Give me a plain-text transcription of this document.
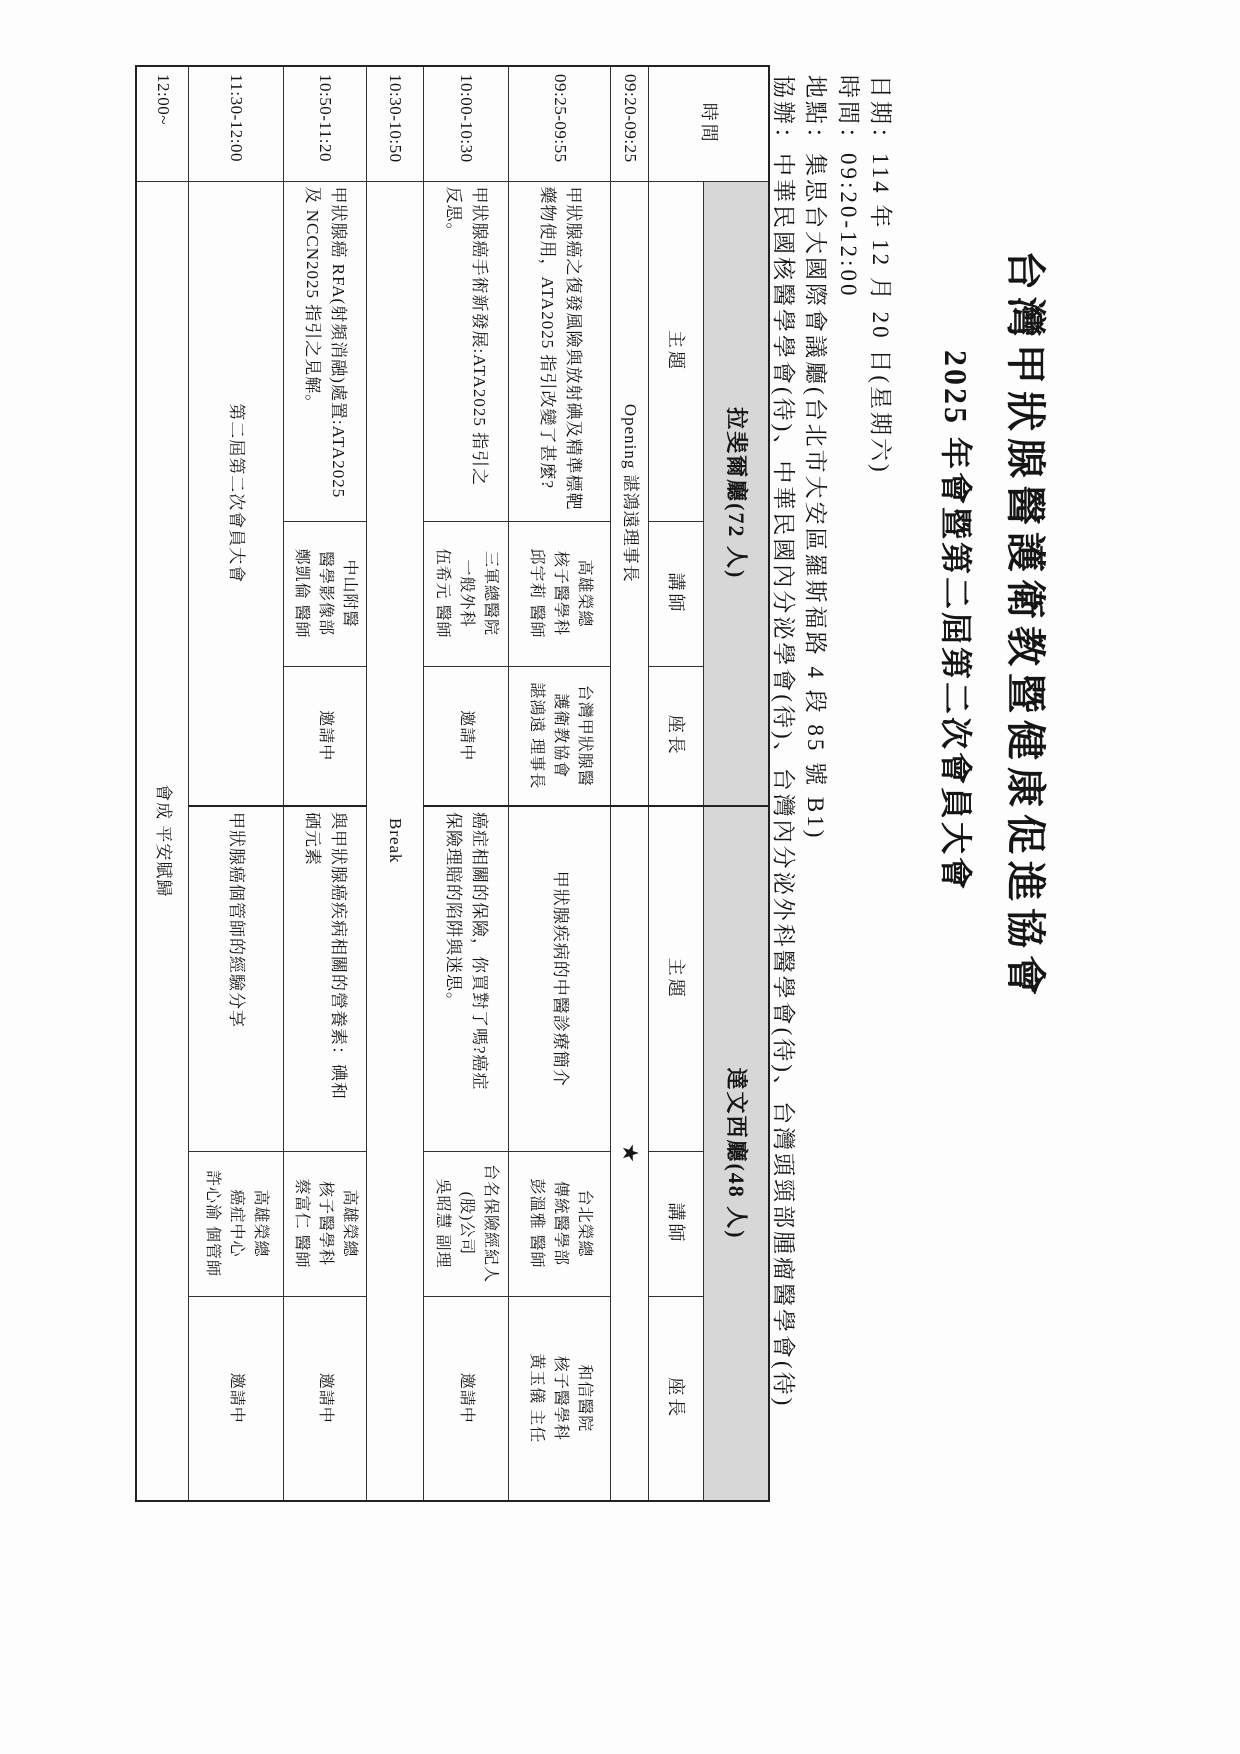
台灣甲狀腺醫護衛教暨健康促進協會
2025 年會暨第二屆第二次會員大會
日期：114 年 12 月 20 日(星期六)
時間：09:20-12:00
地點：集思台大國際會議廳(台北市大安區羅斯福路 4 段 85 號 B1)
協辦：中華民國核醫學學會(待)、中華民國內分泌學會(待)、台灣內分泌外科醫學會(待)、台灣頭頸部腫瘤醫學會(待)
時間	拉斐爾廳(72 人)			達文西廳(48 人)		
	主題	講師	座長	主題	講師	座長
09:20-09:25	Opening 諶鴻遠理事長			★		
09:25-09:55	甲狀腺癌之復發風險與放射碘及精準標靶
藥物使用，ATA2025 指引改變了甚麼?	高雄榮總
核子醫學科
邱宇莉 醫師	台灣甲狀腺醫
護衛教協會
諶鴻遠 理事長	甲狀腺疾病的中醫診療簡介	台北榮總
傳統醫學部
彭溫雅 醫師	和信醫院
核子醫學科
黃玉儀 主任

10:00-10:30	甲狀腺癌手術新發展:ATA2025 指引之
反思。	三軍總醫院
一般外科
伍希元 醫師	邀請中	癌症相關的保險，你買對了嗎?癌症
保險理賠的陷阱與迷思。	台名保險經紀人
(股)公司
吳昭慧 副理	邀請中

10:30-10:50	Break					
10:50-11:20	甲狀腺癌 RFA(射頻消融)處置:ATA2025
及 NCCN2025 指引之見解。	中山附醫
醫學影像部
鄭凱倫 醫師	邀請中	與甲狀腺癌疾病相關的營養素：碘和
硒元素	高雄榮總
核子醫學科
蔡富仁 醫師	邀請中

11:30-12:00	第二屆第二次會員大會			甲狀腺癌個管師的經驗分享	高雄榮總
癌症中心
許心渝 個管師	邀請中

12:00~	會成 平安賦歸					
